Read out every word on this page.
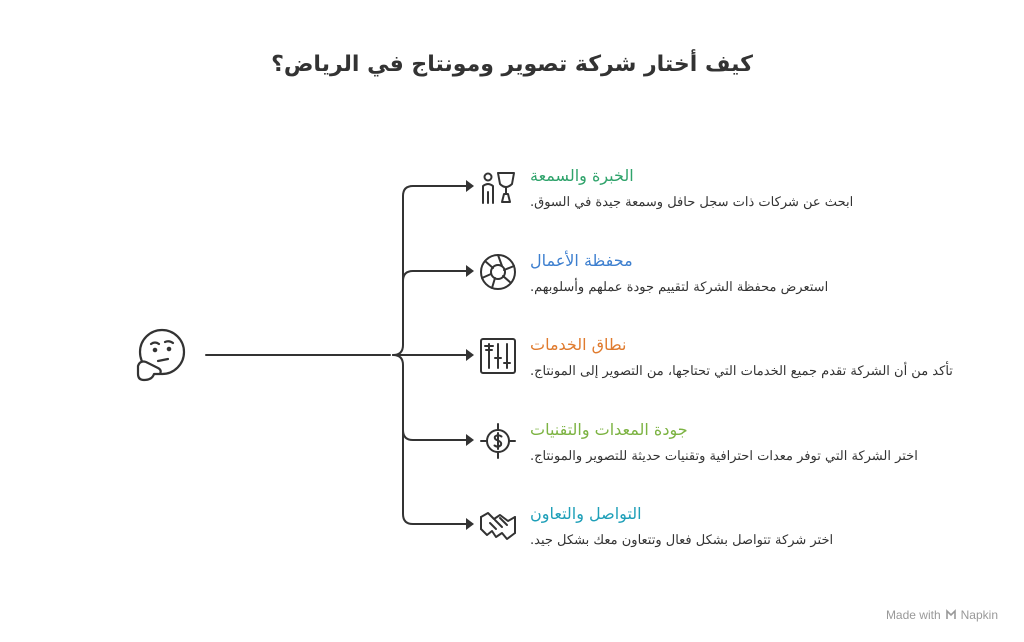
كيف أختار شركة تصوير ومونتاج في الرياض؟
الخبرة والسمعة
ابحث عن شركات ذات سجل حافل وسمعة جيدة في السوق.
محفظة الأعمال
استعرض محفظة الشركة لتقييم جودة عملهم وأسلوبهم.
نطاق الخدمات
تأكد من أن الشركة تقدم جميع الخدمات التي تحتاجها، من التصوير إلى المونتاج.
جودة المعدات والتقنيات
اختر الشركة التي توفر معدات احترافية وتقنيات حديثة للتصوير والمونتاج.
التواصل والتعاون
اختر شركة تتواصل بشكل فعال وتتعاون معك بشكل جيد.
Made with Napkin
